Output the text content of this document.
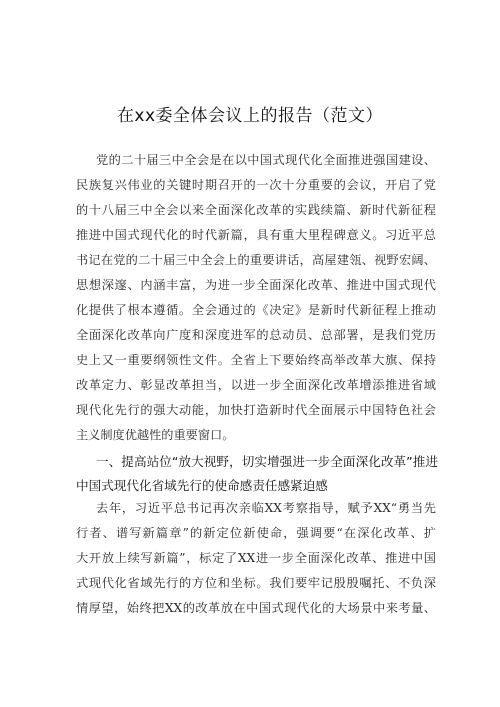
在xx委全体会议上的报告（范文）
党的二十届三中全会是在以中国式现代化全面推进强国建设、
民族复兴伟业的关键时期召开的一次十分重要的会议，开启了党
的十八届三中全会以来全面深化改革的实践续篇、新时代新征程
推进中国式现代化的时代新篇，具有重大里程碑意义。习近平总
书记在党的二十届三中全会上的重要讲话，高屋建瓴、视野宏阔、
思想深邃、内涵丰富，为进一步全面深化改革、推进中国式现代
化提供了根本遵循。全会通过的《决定》是新时代新征程上推动
全面深化改革向广度和深度进军的总动员、总部署，是我们党历
史上又一重要纲领性文件。全省上下要始终高举改革大旗、保持
改革定力、彰显改革担当，以进一步全面深化改革增添推进省域
现代化先行的强大动能，加快打造新时代全面展示中国特色社会
主义制度优越性的重要窗口。
一、提高站位“放大视野，切实增强进一步全面深化改革”推进
中国式现代化省域先行的使命感责任感紧迫感
去年，习近平总书记再次亲临XX考察指导，赋予XX“勇当先
行者、谱写新篇章”的新定位新使命，强调要“在深化改革、扩
大开放上续写新篇”，标定了XX进一步全面深化改革、推进中国
式现代化省域先行的方位和坐标。我们要牢记殷殷嘱托、不负深
情厚望，始终把XX的改革放在中国式现代化的大场景中来考量、
